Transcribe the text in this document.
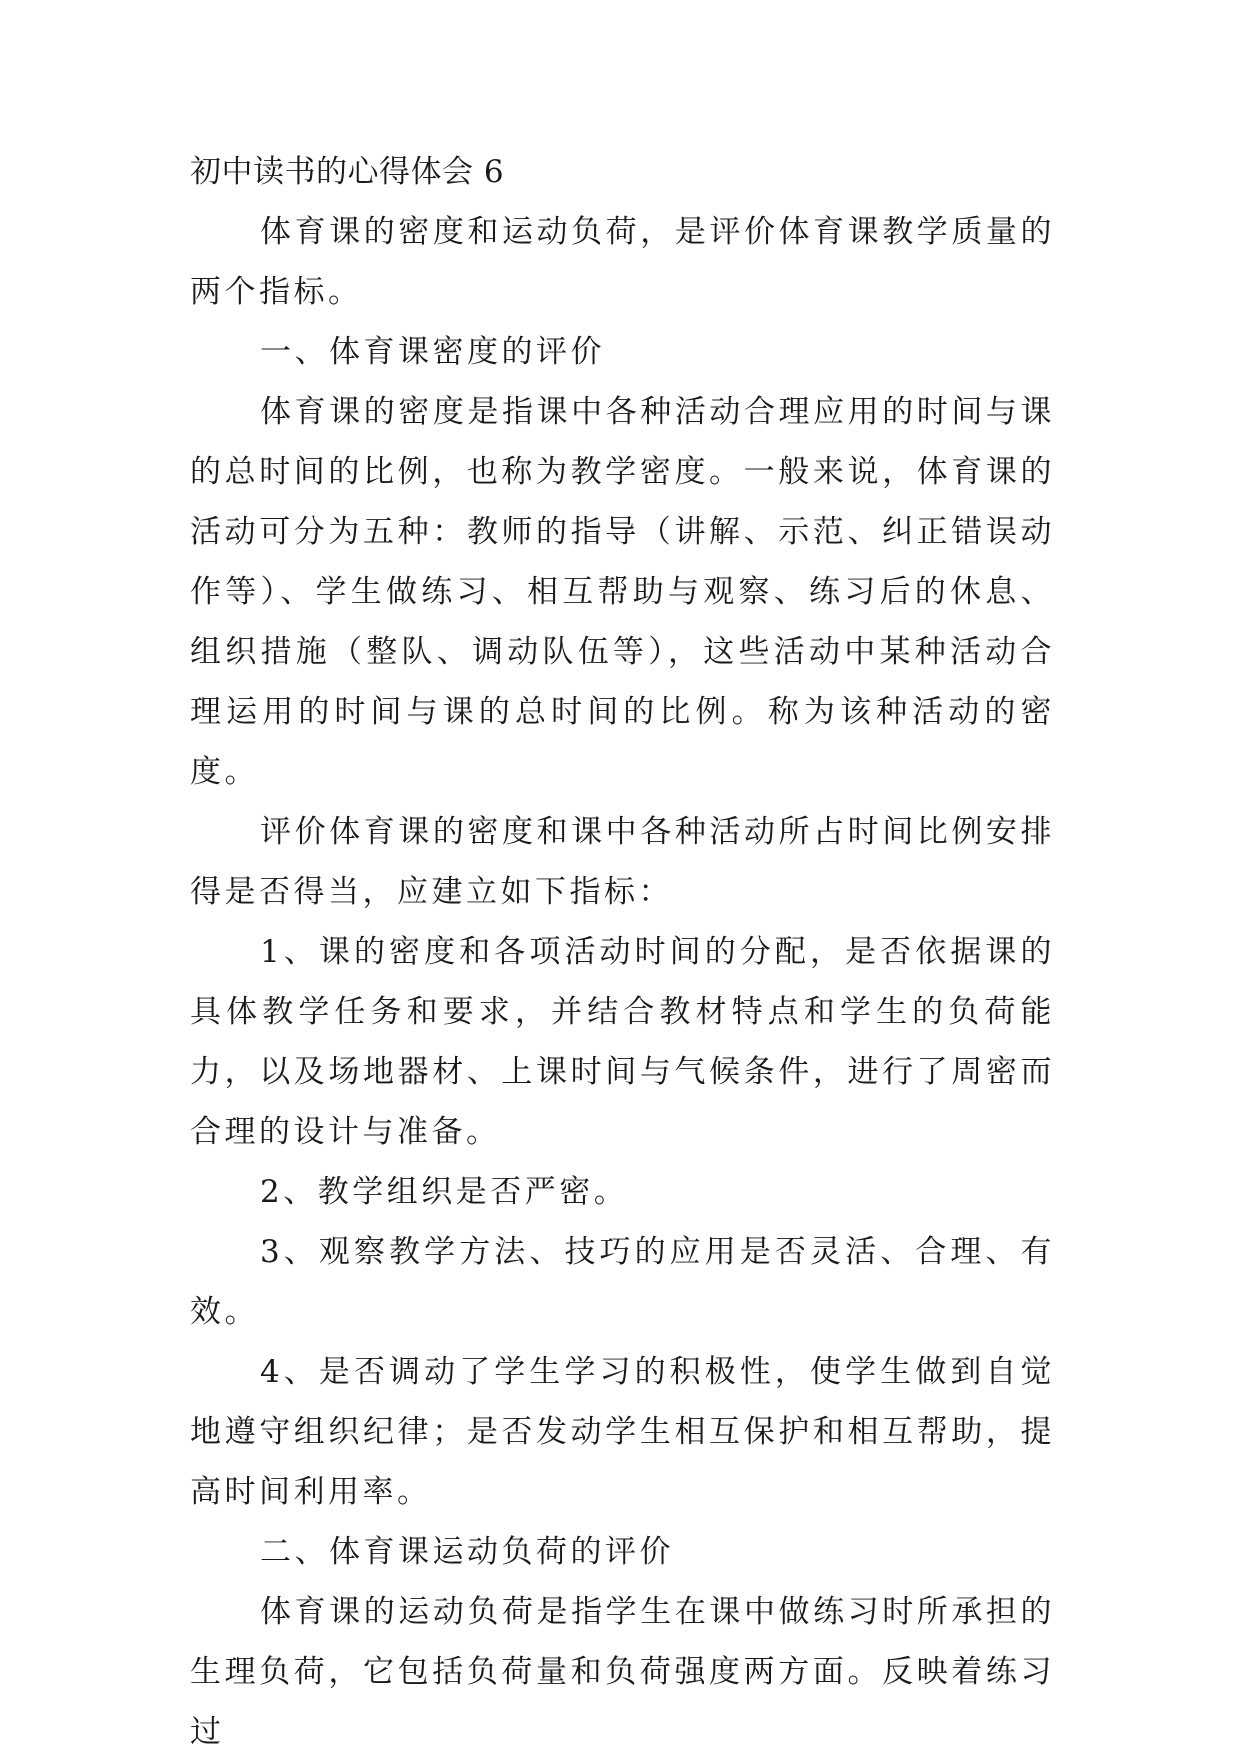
初中读书的心得体会 6

体育课的密度和运动负荷，是评价体育课教学质量的两个指标。

一、体育课密度的评价

体育课的密度是指课中各种活动合理应用的时间与课的总时间的比例，也称为教学密度。一般来说，体育课的活动可分为五种：教师的指导（讲解、示范、纠正错误动作等）、学生做练习、相互帮助与观察、练习后的休息、组织措施（整队、调动队伍等），这些活动中某种活动合理运用的时间与课的总时间的比例。称为该种活动的密度。

评价体育课的密度和课中各种活动所占时间比例安排得是否得当，应建立如下指标：

1、课的密度和各项活动时间的分配，是否依据课的具体教学任务和要求，并结合教材特点和学生的负荷能力，以及场地器材、上课时间与气候条件，进行了周密而合理的设计与准备。

2、教学组织是否严密。

3、观察教学方法、技巧的应用是否灵活、合理、有效。

4、是否调动了学生学习的积极性，使学生做到自觉地遵守组织纪律；是否发动学生相互保护和相互帮助，提高时间利用率。

二、体育课运动负荷的评价

体育课的运动负荷是指学生在课中做练习时所承担的生理负荷，它包括负荷量和负荷强度两方面。反映着练习过
